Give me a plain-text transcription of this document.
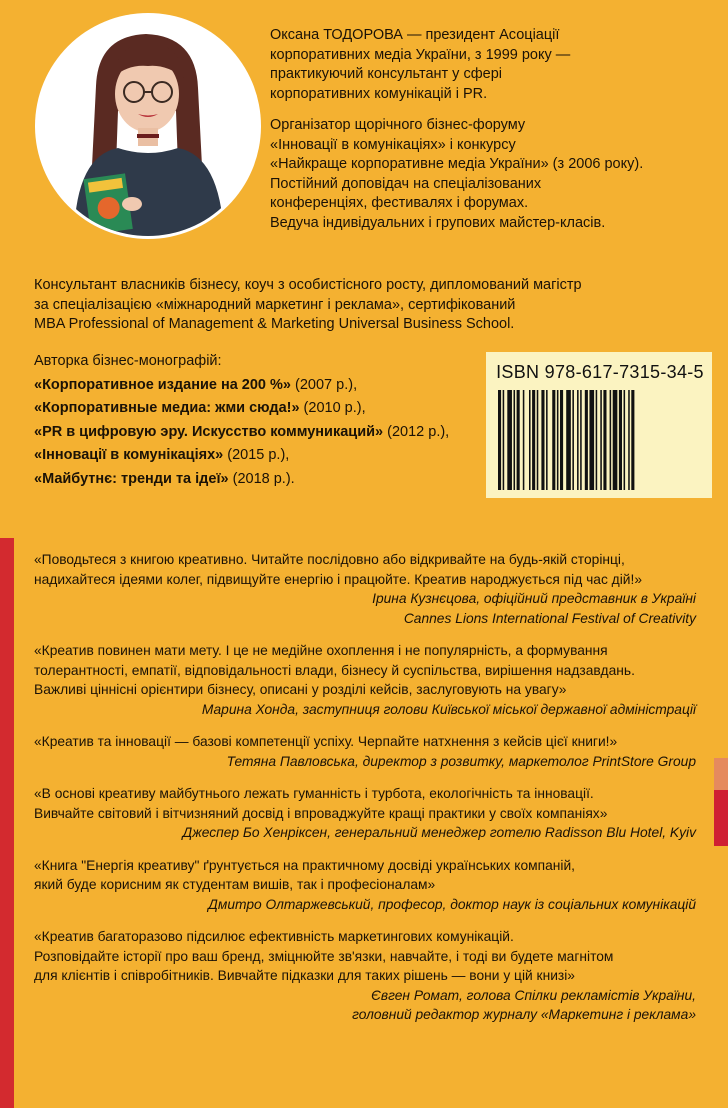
Оксана ТОДОРОВА — президент Асоціації
корпоративних медіа України, з 1999 року —
практикуючий консультант у сфері
корпоративних комунікацій і PR.

Організатор щорічного бізнес-форуму
«Інновації в комунікаціях» і конкурсу
«Найкраще корпоративне медіа України» (з 2006 року).
Постійний доповідач на спеціалізованих
конференціях, фестивалях і форумах.
Ведуча індивідуальних і групових майстер-класів.

Консультант власників бізнесу, коуч з особистісного росту, дипломований магістр
за спеціалізацією «міжнародний маркетинг і реклама», сертифікований
MBA Professional of Management & Marketing Universal Business School.

Авторка бізнес-монографій:
«Корпоративное издание на 200 %» (2007 р.),
«Корпоративные медиа: жми сюда!» (2010 р.),
«PR в цифровую эру. Искусство коммуникаций» (2012 р.),
«Інновації в комунікаціях» (2015 р.),
«Майбутнє: тренди та ідеї» (2018 р.).
ISBN 978-617-7315-34-5
«Поводьтеся з книгою креативно. Читайте послідовно або відкривайте на будь-якій сторінці,
надихайтеся ідеями колег, підвищуйте енергію і працюйте. Креатив народжується під час дій!»
Ірина Кузнєцова, офіційний представник в Україні
Cannes Lions International Festival of Creativity
«Креатив повинен мати мету. І це не медійне охоплення і не популярність, а формування
толерантності, емпатії, відповідальності влади, бізнесу й суспільства, вирішення надзавдань.
Важливі ціннісні орієнтири бізнесу, описані у розділі кейсів, заслуговують на увагу»
Марина Хонда, заступниця голови Київської міської державної адміністрації
«Креатив та інновації — базові компетенції успіху. Черпайте натхнення з кейсів цієї книги!»
Тетяна Павловська, директор з розвитку, маркетолог PrintStore Group
«В основі креативу майбутнього лежать гуманність і турбота, екологічність та інновації.
Вивчайте світовий і вітчизняний досвід і впроваджуйте кращі практики у своїх компаніях»
Джеспер Бо Хенріксен, генеральний менеджер готелю Radisson Blu Hotel, Kyiv
«Книга "Енергія креативу" ґрунтується на практичному досвіді українських компаній,
який буде корисним як студентам вишів, так і професіоналам»
Дмитро Олтаржевський, професор, доктор наук із соціальних комунікацій
«Креатив багаторазово підсилює ефективність маркетингових комунікацій.
Розповідайте історії про ваш бренд, зміцнюйте зв'язки, навчайте, і тоді ви будете магнітом
для клієнтів і співробітників. Вивчайте підказки для таких рішень — вони у цій книзі»
Євген Ромат, голова Спілки рекламістів України,
головний редактор журналу «Маркетинг і реклама»
